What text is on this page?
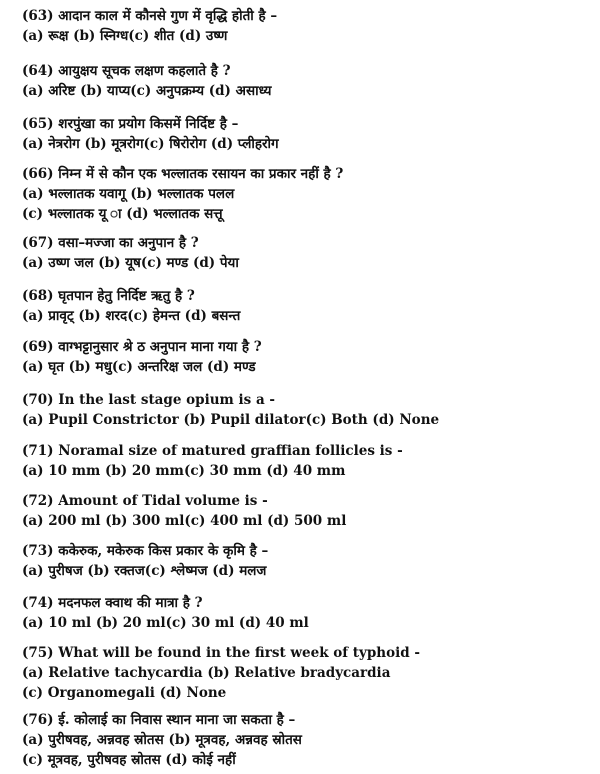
(63) आदान काल में कौनसे गुण में वृद्धि होती है –
(a) रूक्ष (b) स्निग्ध(c) शीत (d) उष्ण
(64) आयुक्षय सूचक लक्षण कहलाते है ?
(a) अरिष्ट (b) याप्य(c) अनुपक्रम्य (d) असाध्य
(65) शरपुंखा का प्रयोग किसमें निर्दिष्ट है –
(a) नेत्ररोग (b) मूत्ररोग(c) षिरोरोग (d) प्लीहरोग
(66) निम्न में से कौन एक भल्लातक रसायन का प्रकार नहीं है ?
(a) भल्लातक यवागू (b) भल्लातक पलल
(c) भल्लातक यू ा (d) भल्लातक सत्तू
(67) वसा–मज्जा का अनुपान है ?
(a) उष्ण जल (b) यूष(c) मण्ड (d) पेया
(68) घृतपान हेतु निर्दिष्ट ऋतु है ?
(a) प्रावृट् (b) शरद(c) हेमन्त (d) बसन्त
(69) वाग्भट्टानुसार श्रे ठ अनुपान माना गया है ?
(a) घृत (b) मधु(c) अन्तरिक्ष जल (d) मण्ड
(70) In the last stage opium is a -
(a) Pupil Constrictor (b) Pupil dilator(c) Both (d) None
(71) Noramal size of matured graffian follicles is -
(a) 10 mm (b) 20 mm(c) 30 mm (d) 40 mm
(72) Amount of Tidal volume is -
(a) 200 ml (b) 300 ml(c) 400 ml (d) 500 ml
(73) ककेरुक, मकेरुक किस प्रकार के कृमि है –
(a) पुरीषज (b) रक्तज(c) श्लेष्मज (d) मलज
(74) मदनफल क्वाथ की मात्रा है ?
(a) 10 ml (b) 20 ml(c) 30 ml (d) 40 ml
(75) What will be found in the first week of typhoid -
(a) Relative tachycardia (b) Relative bradycardia
(c) Organomegali (d) None
(76) ई. कोलाई का निवास स्थान माना जा सकता है –
(a) पुरीषवह, अन्नवह स्रोतस (b) मूत्रवह, अन्नवह स्रोतस
(c) मूत्रवह, पुरीषवह स्रोतस (d) कोई नहीं
